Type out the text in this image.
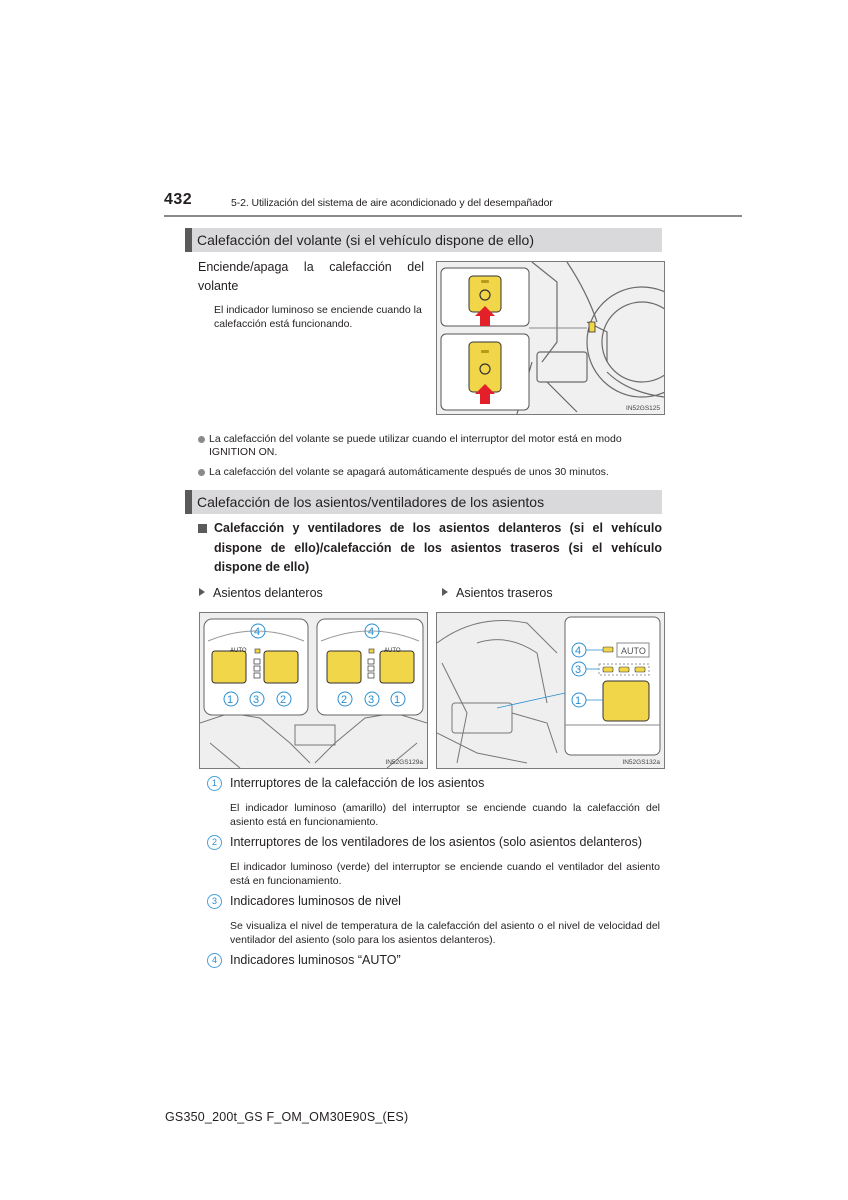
432	5-2. Utilización del sistema de aire acondicionado y del desempañador
Calefacción del volante (si el vehículo dispone de ello)
Enciende/apaga la calefacción del volante
El indicador luminoso se enciende cuando la calefacción está funcionando.
IN52GS125
La calefacción del volante se puede utilizar cuando el interruptor del motor está en modo IGNITION ON.
La calefacción del volante se apagará automáticamente después de unos 30 minutos.
Calefacción de los asientos/ventiladores de los asientos
Calefacción y ventiladores de los asientos delanteros (si el vehículo dispone de ello)/calefacción de los asientos traseros (si el vehículo dispone de ello)
Asientos delanteros	Asientos traseros
AUTO	AUTO
4	4
1 3 2	2 3 1
IN52GS129a
AUTO
4
3
1
IN52GS132a
1 Interruptores de la calefacción de los asientos
El indicador luminoso (amarillo) del interruptor se enciende cuando la calefacción del asiento está en funcionamiento.
2 Interruptores de los ventiladores de los asientos (solo asientos delanteros)
El indicador luminoso (verde) del interruptor se enciende cuando el ventilador del asiento está en funcionamiento.
3 Indicadores luminosos de nivel
Se visualiza el nivel de temperatura de la calefacción del asiento o el nivel de velocidad del ventilador del asiento (solo para los asientos delanteros).
4 Indicadores luminosos “AUTO”
GS350_200t_GS F_OM_OM30E90S_(ES)
